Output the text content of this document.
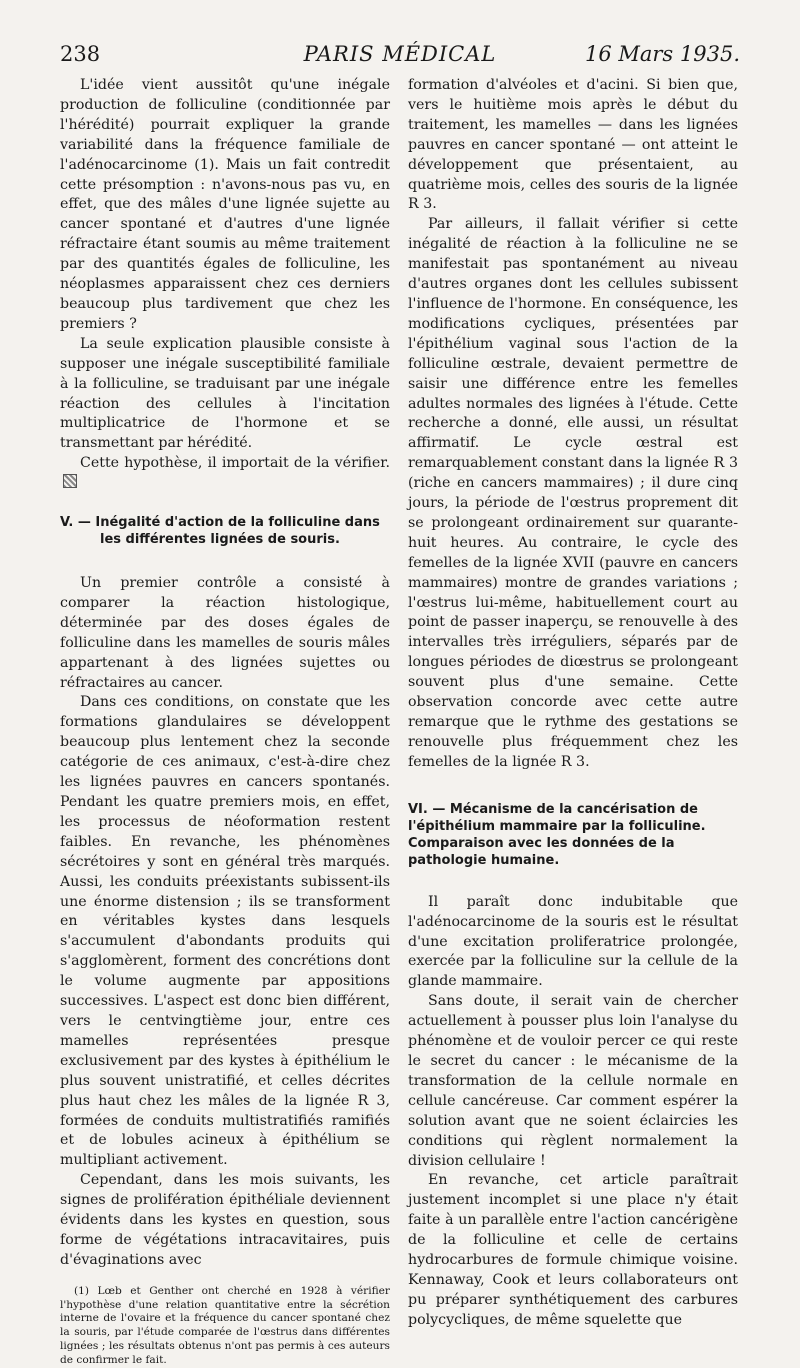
238	PARIS MÉDICAL	16 Mars 1935.

L'idée vient aussitôt qu'une inégale production de folliculine (conditionnée par l'hérédité) pourrait expliquer la grande variabilité dans la fréquence familiale de l'adénocarcinome (1). Mais un fait contredit cette présomption : n'avons-nous pas vu, en effet, que des mâles d'une lignée sujette au cancer spontané et d'autres d'une lignée réfractaire étant soumis au même traitement par des quantités égales de folliculine, les néoplasmes apparaissent chez ces derniers beaucoup plus tardivement que chez les premiers ?

La seule explication plausible consiste à supposer une inégale susceptibilité familiale à la folliculine, se traduisant par une inégale réaction des cellules à l'incitation multiplicatrice de l'hormone et se transmettant par hérédité.

Cette hypothèse, il importait de la vérifier.

V. — Inégalité d'action de la folliculine dans les différentes lignées de souris.

Un premier contrôle a consisté à comparer la réaction histologique, déterminée par des doses égales de folliculine dans les mamelles de souris mâles appartenant à des lignées sujettes ou réfractaires au cancer.

Dans ces conditions, on constate que les formations glandulaires se développent beaucoup plus lentement chez la seconde catégorie de ces animaux, c'est-à-dire chez les lignées pauvres en cancers spontanés. Pendant les quatre premiers mois, en effet, les processus de néoformation restent faibles. En revanche, les phénomènes sécrétoires y sont en général très marqués. Aussi, les conduits préexistants subissent-ils une énorme distension ; ils se transforment en véritables kystes dans lesquels s'accumulent d'abondants produits qui s'agglomèrent, forment des concrétions dont le volume augmente par appositions successives. L'aspect est donc bien différent, vers le centvingtième jour, entre ces mamelles représentées presque exclusivement par des kystes à épithélium le plus souvent unistratifié, et celles décrites plus haut chez les mâles de la lignée R 3, formées de conduits multistratifiés ramifiés et de lobules acineux à épithélium se multipliant activement.

Cependant, dans les mois suivants, les signes de prolifération épithéliale deviennent évidents dans les kystes en question, sous forme de végétations intracavitaires, puis d'évaginations avec

(1) Lœb et Genther ont cherché en 1928 à vérifier l'hypothèse d'une relation quantitative entre la sécrétion interne de l'ovaire et la fréquence du cancer spontané chez la souris, par l'étude comparée de l'œstrus dans différentes lignées ; les résultats obtenus n'ont pas permis à ces auteurs de confirmer le fait.

formation d'alvéoles et d'acini. Si bien que, vers le huitième mois après le début du traitement, les mamelles — dans les lignées pauvres en cancer spontané — ont atteint le développement que présentaient, au quatrième mois, celles des souris de la lignée R 3.

Par ailleurs, il fallait vérifier si cette inégalité de réaction à la folliculine ne se manifestait pas spontanément au niveau d'autres organes dont les cellules subissent l'influence de l'hormone. En conséquence, les modifications cycliques, présentées par l'épithélium vaginal sous l'action de la folliculine œstrale, devaient permettre de saisir une différence entre les femelles adultes normales des lignées à l'étude. Cette recherche a donné, elle aussi, un résultat affirmatif. Le cycle œstral est remarquablement constant dans la lignée R 3 (riche en cancers mammaires) ; il dure cinq jours, la période de l'œstrus proprement dit se prolongeant ordinairement sur quarante-huit heures. Au contraire, le cycle des femelles de la lignée XVII (pauvre en cancers mammaires) montre de grandes variations ; l'œstrus lui-même, habituellement court au point de passer inaperçu, se renouvelle à des intervalles très irréguliers, séparés par de longues périodes de diœstrus se prolongeant souvent plus d'une semaine. Cette observation concorde avec cette autre remarque que le rythme des gestations se renouvelle plus fréquemment chez les femelles de la lignée R 3.

VI. — Mécanisme de la cancérisation de l'épithélium mammaire par la folliculine. Comparaison avec les données de la pathologie humaine.

Il paraît donc indubitable que l'adénocarcinome de la souris est le résultat d'une excitation proliferatrice prolongée, exercée par la folliculine sur la cellule de la glande mammaire.

Sans doute, il serait vain de chercher actuellement à pousser plus loin l'analyse du phénomène et de vouloir percer ce qui reste le secret du cancer : le mécanisme de la transformation de la cellule normale en cellule cancéreuse. Car comment espérer la solution avant que ne soient éclaircies les conditions qui règlent normalement la division cellulaire !

En revanche, cet article paraîtrait justement incomplet si une place n'y était faite à un parallèle entre l'action cancérigène de la folliculine et celle de certains hydrocarbures de formule chimique voisine. Kennaway, Cook et leurs collaborateurs ont pu préparer synthétiquement des carbures polycycliques, de même squelette que
